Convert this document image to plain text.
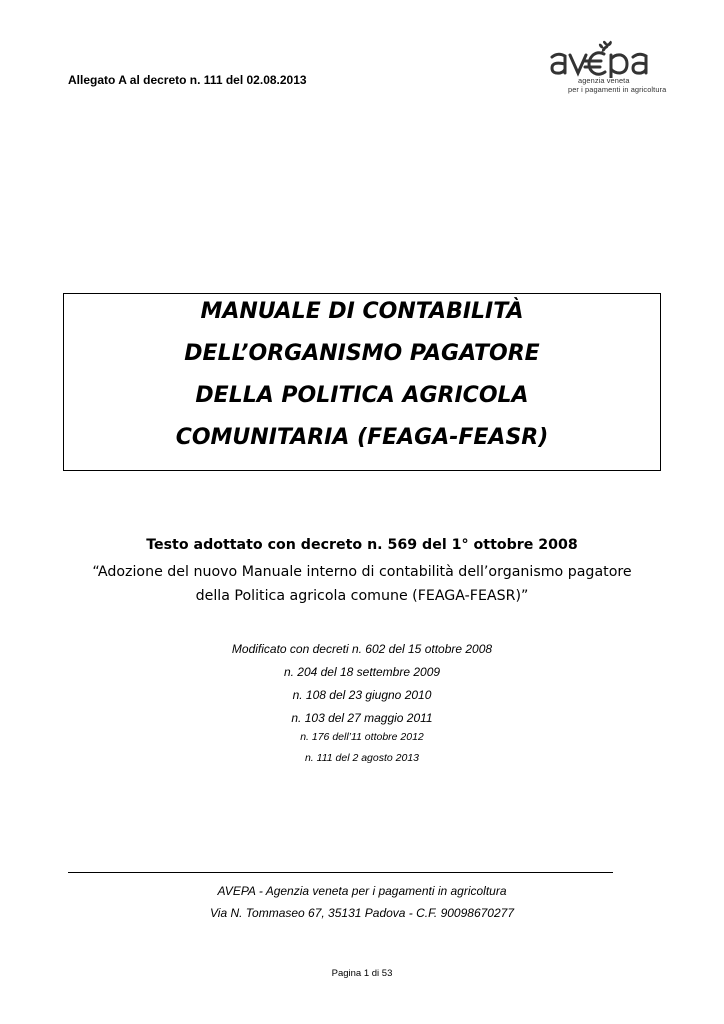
Allegato A al decreto n. 111 del 02.08.2013	agenzia veneta
per i pagamenti in agricoltura
MANUALE DI CONTABILITÀ
DELL’ORGANISMO PAGATORE
DELLA POLITICA AGRICOLA
COMUNITARIA (FEAGA-FEASR)
Testo adottato con decreto n. 569 del 1° ottobre 2008
“Adozione del nuovo Manuale interno di contabilità dell’organismo pagatore
della Politica agricola comune (FEAGA-FEASR)”
Modificato con decreti n. 602 del 15 ottobre 2008
n. 204 del 18 settembre 2009
n. 108 del 23 giugno 2010
n. 103 del 27 maggio 2011
n. 176 dell’11 ottobre 2012
n. 111 del 2 agosto 2013
AVEPA - Agenzia veneta per i pagamenti in agricoltura
Via N. Tommaseo 67, 35131 Padova - C.F. 90098670277
Pagina 1 di 53
